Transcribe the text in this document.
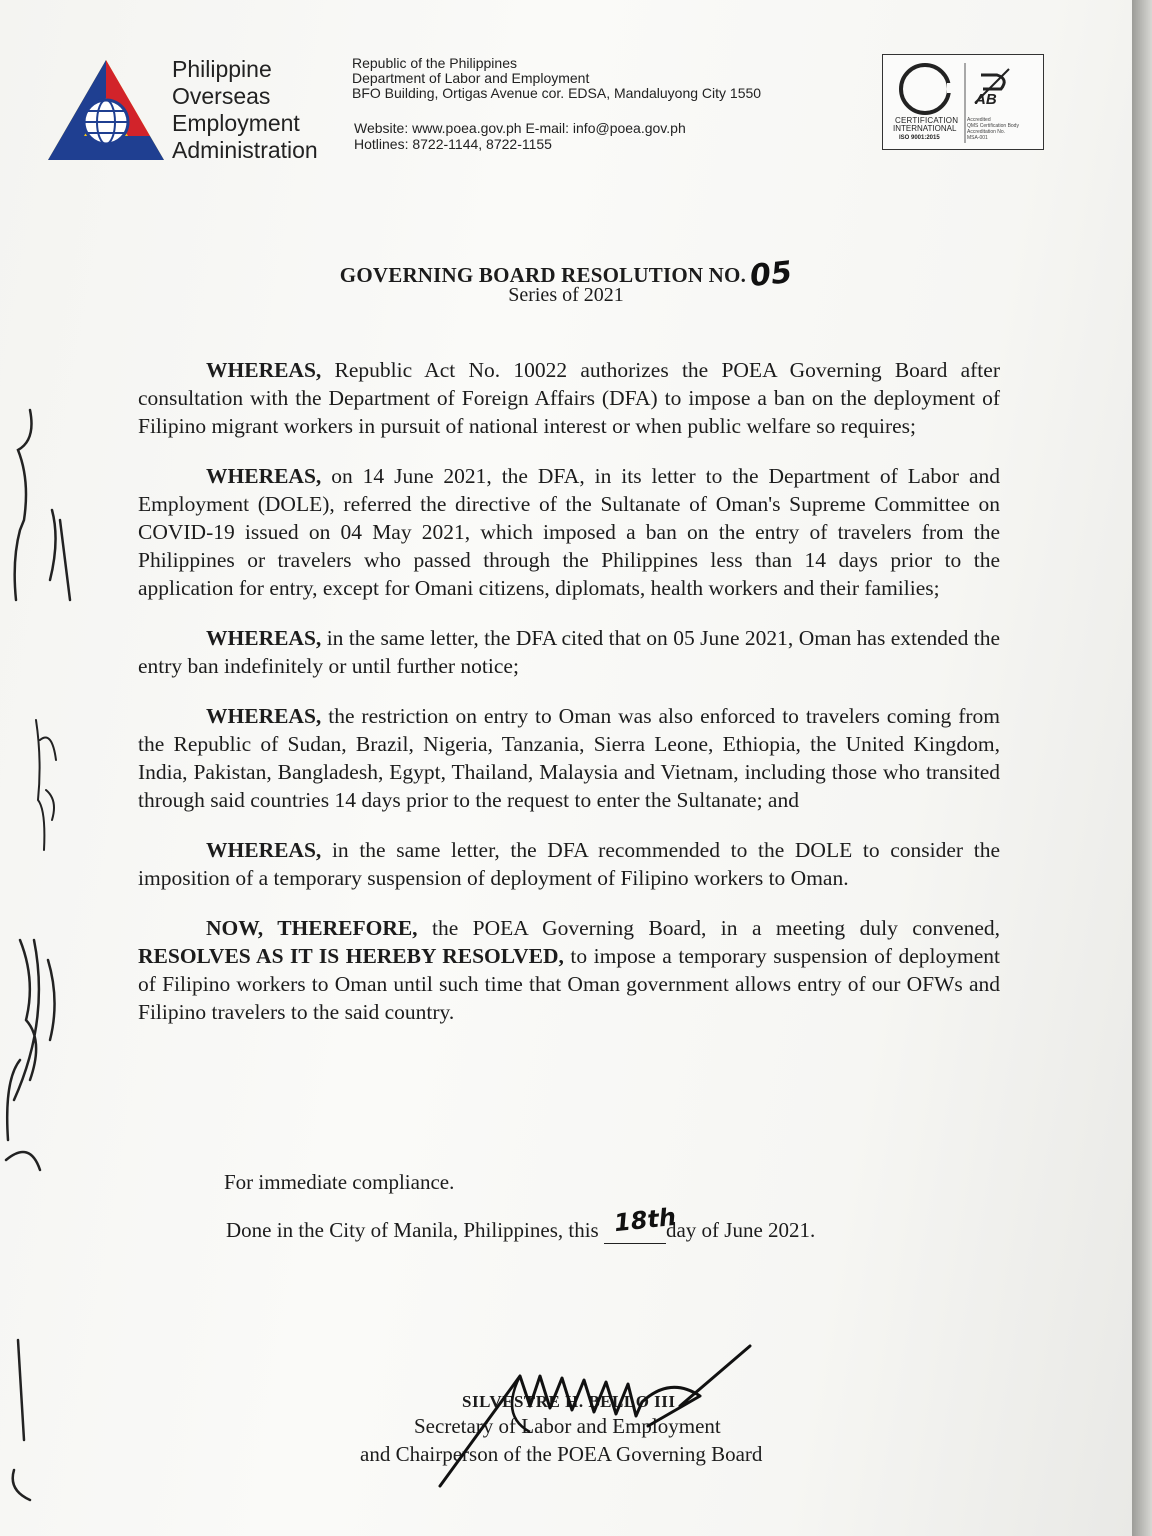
Philippine
Overseas
Employment
Administration
Republic of the Philippines
Department of Labor and Employment
BFO Building, Ortigas Avenue cor. EDSA, Mandaluyong City 1550
Website: www.poea.gov.ph E-mail: info@poea.gov.ph
Hotlines: 8722-1144, 8722-1155
CERTIFICATION
INTERNATIONAL
ISO 9001:2015
AB
Accredited
QMS Certification Body
Accreditation No.
MSA-001
GOVERNING BOARD RESOLUTION NO.05
Series of 2021

WHEREAS, Republic Act No. 10022 authorizes the POEA Governing Board after consultation with the Department of Foreign Affairs (DFA) to impose a ban on the deployment of Filipino migrant workers in pursuit of national interest or when public welfare so requires;

WHEREAS, on 14 June 2021, the DFA, in its letter to the Department of Labor and Employment (DOLE), referred the directive of the Sultanate of Oman's Supreme Committee on COVID-19 issued on 04 May 2021, which imposed a ban on the entry of travelers from the Philippines or travelers who passed through the Philippines less than 14 days prior to the application for entry, except for Omani citizens, diplomats, health workers and their families;

WHEREAS, in the same letter, the DFA cited that on 05 June 2021, Oman has extended the entry ban indefinitely or until further notice;

WHEREAS, the restriction on entry to Oman was also enforced to travelers coming from the Republic of Sudan, Brazil, Nigeria, Tanzania, Sierra Leone, Ethiopia, the United Kingdom, India, Pakistan, Bangladesh, Egypt, Thailand, Malaysia and Vietnam, including those who transited through said countries 14 days prior to the request to enter the Sultanate; and

WHEREAS, in the same letter, the DFA recommended to the DOLE to consider the imposition of a temporary suspension of deployment of Filipino workers to Oman.

NOW, THEREFORE, the POEA Governing Board, in a meeting duly convened, RESOLVES AS IT IS HEREBY RESOLVED, to impose a temporary suspension of deployment of Filipino workers to Oman until such time that Oman government allows entry of our OFWs and Filipino travelers to the said country.

For immediate compliance.
Done in the City of Manila, Philippines, this 18th
day of June 2021.
SILVESTRE H. BELLO III
Secretary of Labor and Employment
and Chairperson of the POEA Governing Board
